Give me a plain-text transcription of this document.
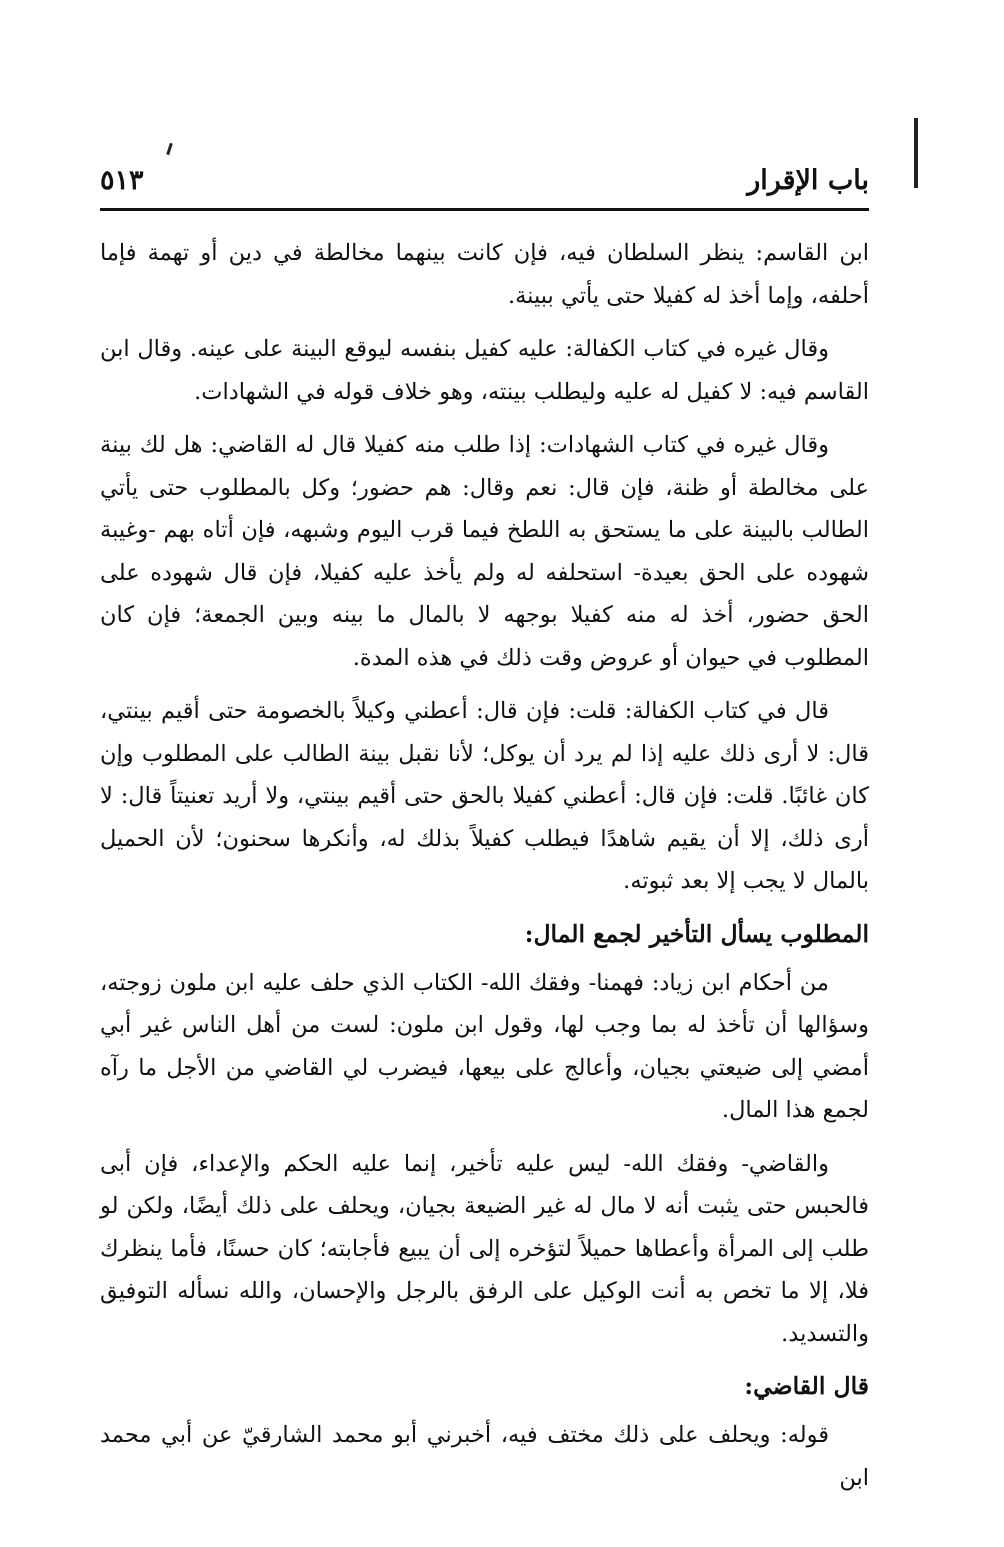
باب الإقرار
٥١٣

ابن القاسم: ينظر السلطان فيه، فإن كانت بينهما مخالطة في دين أو تهمة فإما أحلفه، وإما أخذ له كفيلا حتى يأتي ببينة.

وقال غيره في كتاب الكفالة: عليه كفيل بنفسه ليوقع البينة على عينه. وقال ابن القاسم فيه: لا كفيل له عليه وليطلب بينته، وهو خلاف قوله في الشهادات.

وقال غيره في كتاب الشهادات: إذا طلب منه كفيلا قال له القاضي: هل لك بينة على مخالطة أو ظنة، فإن قال: نعم وقال: هم حضور؛ وكل بالمطلوب حتى يأتي الطالب بالبينة على ما يستحق به اللطخ فيما قرب اليوم وشبهه، فإن أتاه بهم -وغيبة شهوده على الحق بعيدة- استحلفه له ولم يأخذ عليه كفيلا، فإن قال شهوده على الحق حضور، أخذ له منه كفيلا بوجهه لا بالمال ما بينه وبين الجمعة؛ فإن كان المطلوب في حيوان أو عروض وقت ذلك في هذه المدة.

قال في كتاب الكفالة: قلت: فإن قال: أعطني وكيلاً بالخصومة حتى أقيم بينتي، قال: لا أرى ذلك عليه إذا لم يرد أن يوكل؛ لأنا نقبل بينة الطالب على المطلوب وإن كان غائبًا. قلت: فإن قال: أعطني كفيلا بالحق حتى أقيم بينتي، ولا أريد تعنيتاً قال: لا أرى ذلك، إلا أن يقيم شاهدًا فيطلب كفيلاً بذلك له، وأنكرها سحنون؛ لأن الحميل بالمال لا يجب إلا بعد ثبوته.

المطلوب يسأل التأخير لجمع المال:

من أحكام ابن زياد: فهمنا- وفقك الله- الكتاب الذي حلف عليه ابن ملون زوجته، وسؤالها أن تأخذ له بما وجب لها، وقول ابن ملون: لست من أهل الناس غير أبي أمضي إلى ضيعتي بجيان، وأعالج على بيعها، فيضرب لي القاضي من الأجل ما رآه لجمع هذا المال.

والقاضي- وفقك الله- ليس عليه تأخير، إنما عليه الحكم والإعداء، فإن أبى فالحبس حتى يثبت أنه لا مال له غير الضيعة بجيان، ويحلف على ذلك أيضًا، ولكن لو طلب إلى المرأة وأعطاها حميلاً لتؤخره إلى أن يبيع فأجابته؛ كان حسنًا، فأما ينظرك فلا، إلا ما تخص به أنت الوكيل على الرفق بالرجل والإحسان، والله نسأله التوفيق والتسديد.

قال القاضي:

قوله: ويحلف على ذلك مختف فيه، أخبرني أبو محمد الشارقيّ عن أبي محمد ابن
